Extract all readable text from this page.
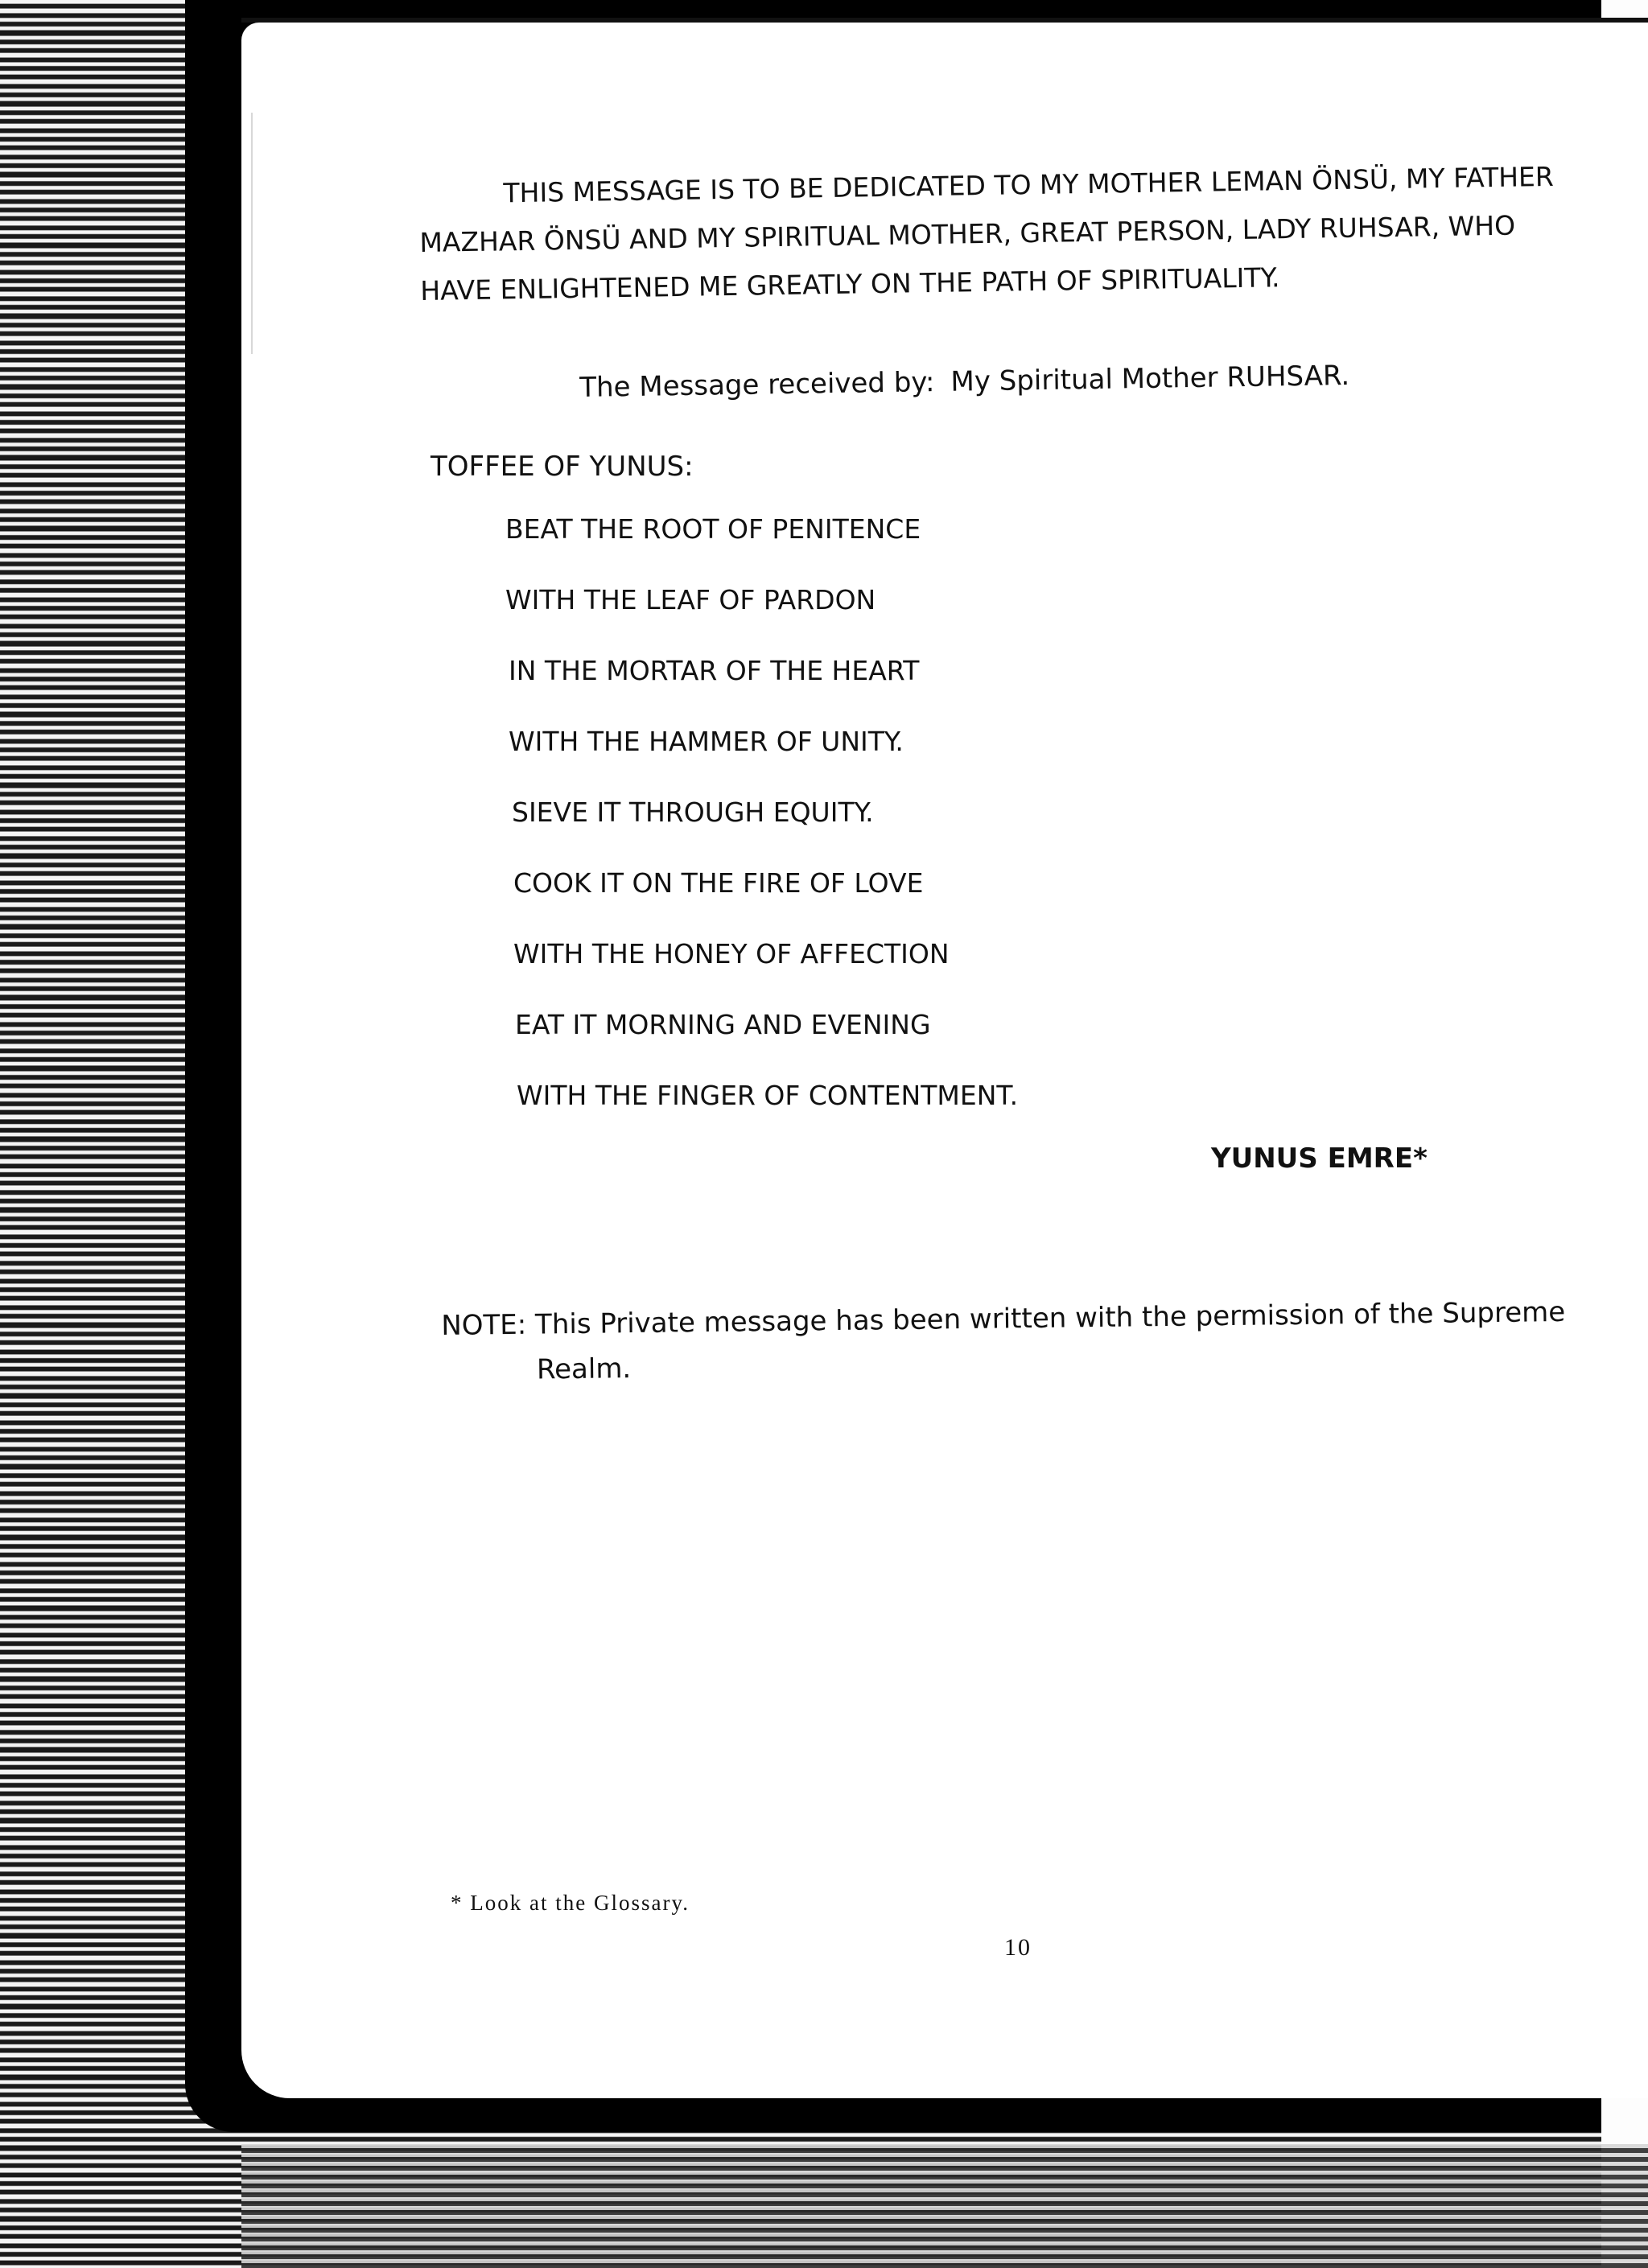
THIS MESSAGE IS TO BE DEDICATED TO MY MOTHER LEMAN ÖNSÜ, MY FATHER
MAZHAR ÖNSÜ AND MY SPIRITUAL MOTHER, GREAT PERSON, LADY RUHSAR, WHO
HAVE ENLIGHTENED ME GREATLY ON THE PATH OF SPIRITUALITY.
The Message received by: My Spiritual Mother RUHSAR.
TOFFEE OF YUNUS:
BEAT THE ROOT OF PENITENCE
WITH THE LEAF OF PARDON
IN THE MORTAR OF THE HEART
WITH THE HAMMER OF UNITY.
SIEVE IT THROUGH EQUITY.
COOK IT ON THE FIRE OF LOVE
WITH THE HONEY OF AFFECTION
EAT IT MORNING AND EVENING
WITH THE FINGER OF CONTENTMENT.
YUNUS EMRE*
NOTE: This Private message has been written with the permission of the Supreme
Realm.
* Look at the Glossary.
10
